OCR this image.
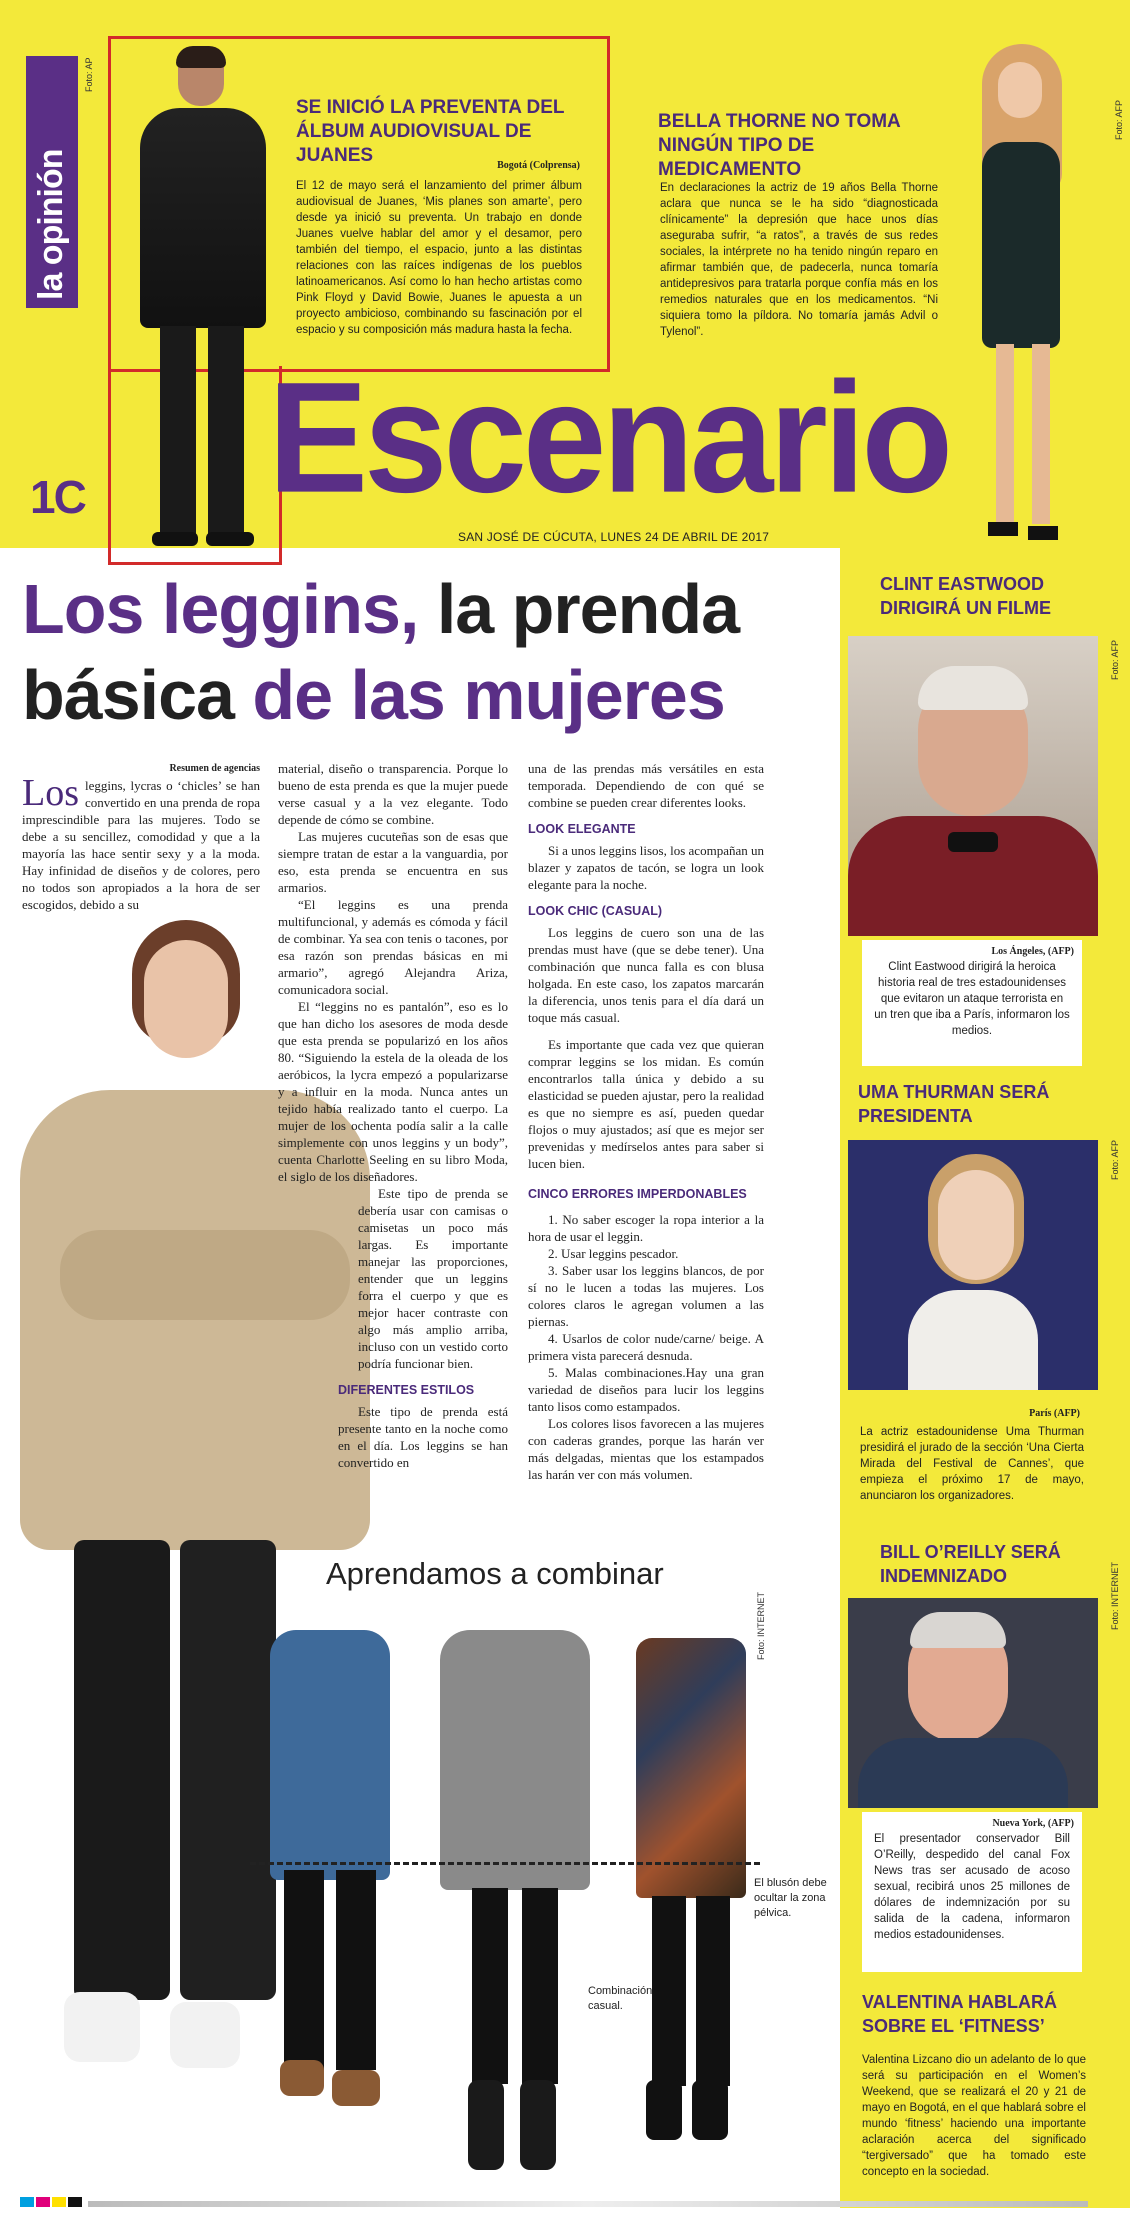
la opinión
Foto: AP
1C
SE INICIÓ LA PREVENTA DEL ÁLBUM AUDIOVISUAL DE JUANES	Bogotá (Colprensa)
El 12 de mayo será el lanzamiento del primer álbum audiovisual de Juanes, ‘Mis planes son amarte’, pero desde ya inició su preventa. Un trabajo en donde Juanes vuelve hablar del amor y el desamor, pero también del tiempo, el espacio, junto a las distintas relaciones con las raíces indígenas de los pueblos latinoamericanos. Así como lo han hecho artistas como Pink Floyd y David Bowie, Juanes le apuesta a un proyecto ambicioso, combinando su fascinación por el espacio y su composición más madura hasta la fecha.
BELLA THORNE NO TOMA NINGÚN TIPO DE MEDICAMENTO
En declaraciones la actriz de 19 años Bella Thorne aclara que nunca se le ha sido “diagnosticada clínicamente” la depresión que hace unos días aseguraba sufrir, “a ratos”, a través de sus redes sociales, la intérprete no ha tenido ningún reparo en afirmar también que, de padecerla, nunca tomaría antidepresivos para tratarla porque confía más en los remedios naturales que en los medicamentos. “Ni siquiera tomo la píldora. No tomaría jamás Advil o Tylenol”.
Foto: AFP
Escenario
SAN JOSÉ DE CÚCUTA, LUNES 24 DE ABRIL DE 2017
Los leggins, la prenda
básica de las mujeres
Resumen de agencias
Los leggins, lycras o ‘chicles’ se han convertido en una prenda de ropa imprescindible para las mujeres. Todo se debe a su sencillez, comodidad y que a la mayoría las hace sentir sexy y a la moda. Hay infinidad de diseños y de colores, pero no todos son apropiados a la hora de ser escogidos, debido a su
material, diseño o transparencia. Porque lo bueno de esta prenda es que la mujer puede verse casual y a la vez elegante. Todo depende de cómo se combine.
Las mujeres cucuteñas son de esas que siempre tratan de estar a la vanguardia, por eso, esta prenda se encuentra en sus armarios.
“El leggins es una prenda multifuncional, y además es cómoda y fácil de combinar. Ya sea con tenis o tacones, por esa razón son prendas básicas en mi armario”, agregó Alejandra Ariza, comunicadora social.
El “leggins no es pantalón”, eso es lo que han dicho los asesores de moda desde que esta prenda se popularizó en los años 80. “Siguiendo la estela de la oleada de los aeróbicos, la lycra empezó a popularizarse y a influir en la moda. Nunca antes un tejido había realizado tanto el cuerpo. La mujer de los ochenta podía salir a la calle simplemente con unos leggins y un body”, cuenta Charlotte Seeling en su libro Moda, el siglo de los diseñadores.
Este tipo de prenda se debería usar con camisas o camisetas un poco más largas. Es importante manejar las proporciones, entender que un leggins forra el cuerpo y que es mejor hacer contraste con algo más amplio arriba, incluso con un vestido corto podría funcionar bien.
DIFERENTES ESTILOS
Este tipo de prenda está presente tanto en la noche como en el día. Los leggins se han convertido en
una de las prendas más versátiles en esta temporada. Dependiendo de con qué se combine se pueden crear diferentes looks.
LOOK ELEGANTE
Si a unos leggins lisos, los acompañan un blazer y zapatos de tacón, se logra un look elegante para la noche.
LOOK CHIC (CASUAL)
Los leggins de cuero son una de las prendas must have (que se debe tener). Una combinación que nunca falla es con blusa holgada. En este caso, los zapatos marcarán la diferencia, unos tenis para el día dará un toque más casual.
Es importante que cada vez que quieran comprar leggins se los midan. Es común encontrarlos talla única y debido a su elasticidad se pueden ajustar, pero la realidad es que no siempre es así, pueden quedar flojos o muy ajustados; así que es mejor ser prevenidas y medírselos antes para saber si lucen bien.
CINCO ERRORES IMPERDONABLES
1. No saber escoger la ropa interior a la hora de usar el leggin.
2. Usar leggins pescador.
3. Saber usar los leggins blancos, de por sí no le lucen a todas las mujeres. Los colores claros le agregan volumen a las piernas.
4. Usarlos de color nude/carne/ beige. A primera vista parecerá desnuda.
5. Malas combinaciones.Hay una gran variedad de diseños para lucir los leggins tanto lisos como estampados.
Los colores lisos favorecen a las mujeres con caderas grandes, porque las harán ver más delgadas, mientas que los estampados las harán ver con más volumen.
Aprendamos a combinar
Foto: INTERNET
El blusón debe ocultar la zona pélvica.
Combinación casual.
CLINT EASTWOOD DIRIGIRÁ UN FILME
Foto: AFP
Los Ángeles, (AFP)
Clint Eastwood dirigirá la heroica historia real de tres estadounidenses que evitaron un ataque terrorista en un tren que iba a París, informaron los medios.
UMA THURMAN SERÁ PRESIDENTA
Foto: AFP
París (AFP)
La actriz estadounidense Uma Thurman presidirá el jurado de la sección ‘Una Cierta Mirada del Festival de Cannes’, que empieza el próximo 17 de mayo, anunciaron los organizadores.
BILL O’REILLY SERÁ INDEMNIZADO	Foto: INTERNET
Nueva York, (AFP)
El presentador conservador Bill O’Reilly, despedido del canal Fox News tras ser acusado de acoso sexual, recibirá unos 25 millones de dólares de indemnización por su salida de la cadena, informaron medios estadounidenses.
VALENTINA HABLARÁ SOBRE EL ‘FITNESS’
Valentina Lizcano dio un adelanto de lo que será su participación en el Women’s Weekend, que se realizará el 20 y 21 de mayo en Bogotá, en el que hablará sobre el mundo ‘fitness’ haciendo una importante aclaración acerca del significado “tergiversado” que ha tomado este concepto en la sociedad.
